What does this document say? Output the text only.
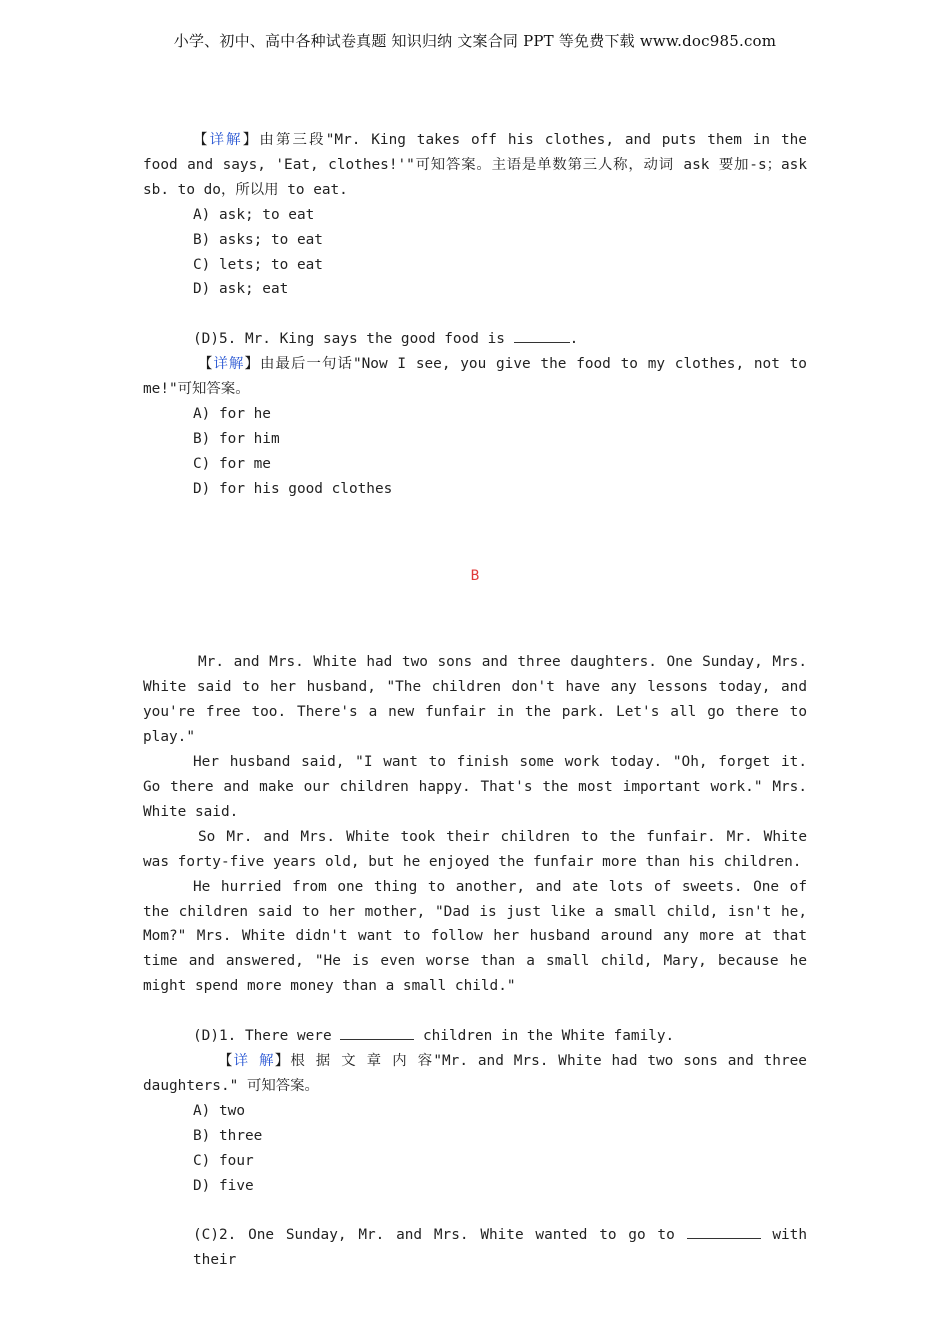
小学、初中、高中各种试卷真题 知识归纳 文案合同 PPT 等免费下载 www.doc985.com

【详解】由第三段"Mr. King takes off his clothes, and puts them in the food and says, 'Eat, clothes!'"可知答案。主语是单数第三人称，动词 ask 要加-s；ask sb. to do，所以用 to eat.

A) ask; to eat

B) asks; to eat

C) lets; to eat

D) ask; eat

(D)5. Mr. King says the good food is	.

【详解】由最后一句话"Now I see, you give the food to my clothes, not to me!"可知答案。

A) for he

B) for him

C) for me

D) for his good clothes

B

Mr. and Mrs. White had two sons and three daughters. One Sunday, Mrs. White said to her husband, "The children don't have any lessons today, and you're free too. There's a new funfair in the park. Let's all go there to play."

Her husband said, "I want to finish some work today. "Oh, forget it. Go there and make our children happy. That's the most important work." Mrs. White said.

So Mr. and Mrs. White took their children to the funfair. Mr. White was forty-five years old, but he enjoyed the funfair more than his children.

He hurried from one thing to another, and ate lots of sweets. One of the children said to her mother, "Dad is just like a small child, isn't he, Mom?" Mrs. White didn't want to follow her husband around any more at that time and answered, "He is even worse than a small child, Mary, because he might spend more money than a small child."

(D)1. There were	children in the White family.

【详 解】根 据 文 章 内 容"Mr. and Mrs. White had two sons and three daughters." 可知答案。

A) two

B) three

C) four

D) five

(C)2. One Sunday, Mr. and Mrs. White wanted to go to	with their
